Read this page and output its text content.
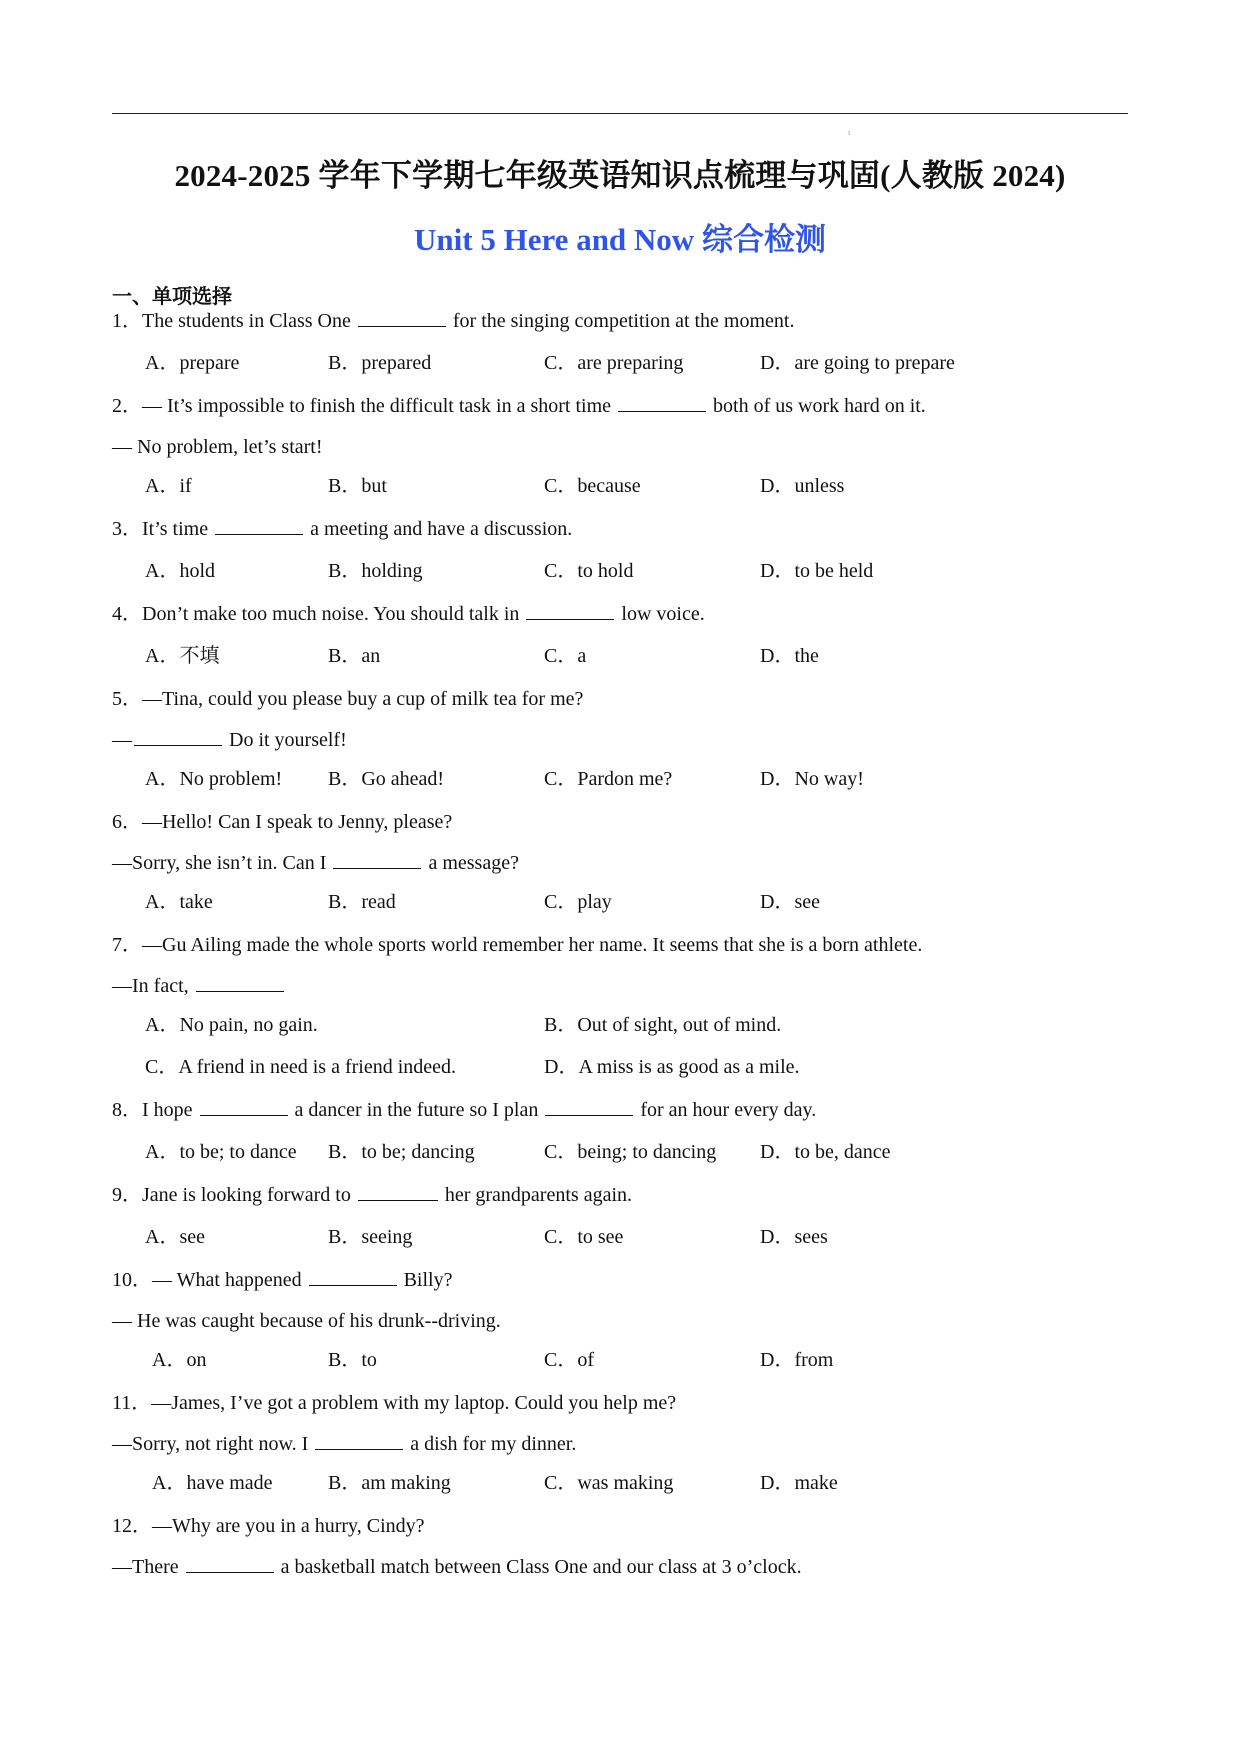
ı
2024-2025 学年下学期七年级英语知识点梳理与巩固(人教版 2024)
Unit 5 Here and Now 综合检测
一、单项选择
1．The students in Class One	for the singing competition at the moment.
A．prepare	B．prepared	C．are preparing	D．are going to prepare
2．— It’s impossible to finish the difficult task in a short time	both of us work hard on it.
— No problem, let’s start!
A．if	B．but	C．because	D．unless
3．It’s time	a meeting and have a discussion.
A．hold	B．holding	C．to hold	D．to be held
4．Don’t make too much noise. You should talk in	low voice.
A．不填	B．an	C．a	D．the
5．—Tina, could you please buy a cup of milk tea for me?
—	Do it yourself!
A．No problem! B．Go ahead!	C．Pardon me?	D．No way!
6．—Hello! Can I speak to Jenny, please?
—Sorry, she isn’t in. Can I	a message?
A．take	B．read	C．play	D．see
7．—Gu Ailing made the whole sports world remember her name. It seems that she is a born athlete.
—In fact,
A．No pain, no gain.	B．Out of sight, out of mind.
C．A friend in need is a friend indeed.	D．A miss is as good as a mile.
8．I hope	a dancer in the future so I plan	for an hour every day.
A．to be; to dance B．to be; dancing	C．being; to dancing D．to be, dance
9．Jane is looking forward to	her grandparents again.
A．see	B．seeing	C．to see	D．sees
10．— What happened	Billy?
— He was caught because of his drunk--driving.
A．on	B．to	C．of	D．from
11．—James, I’ve got a problem with my laptop. Could you help me?
—Sorry, not right now. I	a dish for my dinner.
A．have made	B．am making	C．was making	D．make
12．—Why are you in a hurry, Cindy?
—There	a basketball match between Class One and our class at 3 o’clock.
